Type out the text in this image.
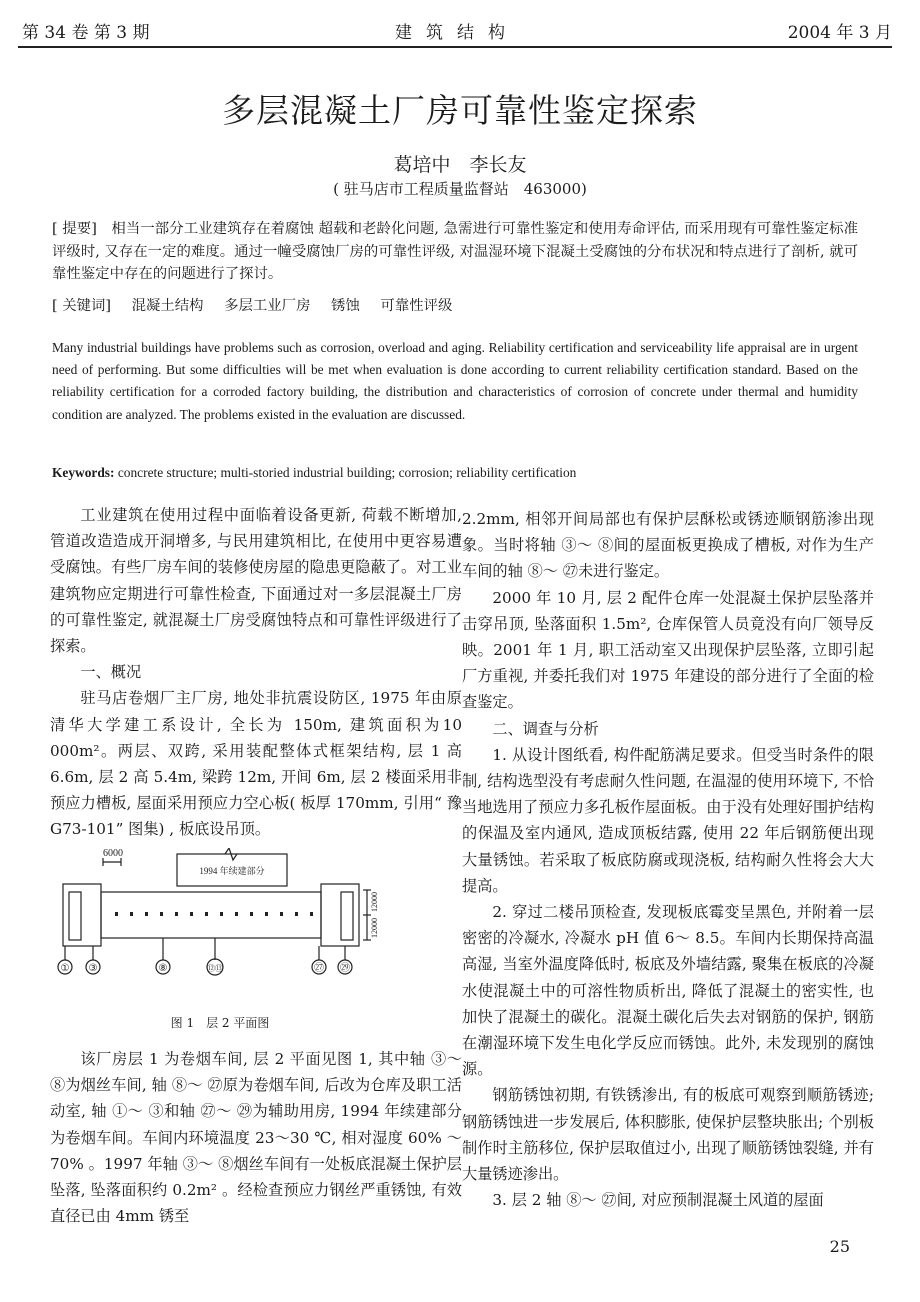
第 34 卷 第 3 期	建筑结构	2004 年 3 月
多层混凝土厂房可靠性鉴定探索
葛培中　李长友
( 驻马店市工程质量监督站　463000)
[ 提要]　相当一部分工业建筑存在着腐蚀 超载和老龄化问题, 急需进行可靠性鉴定和使用寿命评估, 而采用现有可靠性鉴定标准评级时, 又存在一定的难度。通过一幢受腐蚀厂房的可靠性评级, 对温湿环境下混凝土受腐蚀的分布状况和特点进行了剖析, 就可靠性鉴定中存在的问题进行了探讨。
[ 关键词] 混凝土结构 多层工业厂房 锈蚀 可靠性评级
Many industrial buildings have problems such as corrosion, overload and aging. Reliability certification and serviceability life appraisal are in urgent need of performing. But some difficulties will be met when evaluation is done according to current reliability certification standard. Based on the reliability certification for a corroded factory building, the distribution and characteristics of corrosion of concrete under thermal and humidity condition are analyzed. The problems existed in the evaluation are discussed.
Keywords: concrete structure; multi-storied industrial building; corrosion; reliability certification

工业建筑在使用过程中面临着设备更新, 荷载不断增加, 管道改造造成开洞增多, 与民用建筑相比, 在使用中更容易遭受腐蚀。有些厂房车间的装修使房屋的隐患更隐蔽了。对工业建筑物应定期进行可靠性检查, 下面通过对一多层混凝土厂房的可靠性鉴定, 就混凝土厂房受腐蚀特点和可靠性评级进行了探索。

一、概况

驻马店卷烟厂主厂房, 地处非抗震设防区, 1975 年由原清华大学建工系设计, 全长为 150m, 建筑面积为10 000m²。两层、双跨, 采用装配整体式框架结构, 层 1 高 6.6m, 层 2 高 5.4m, 梁跨 12m, 开间 6m, 层 2 楼面采用非预应力槽板, 屋面采用预应力空心板( 板厚 170mm, 引用“ 豫 G73-101” 图集) , 板底设吊顶。

6000
1994 年续建部分
12000
12000
① ③	⑧	⑫⑬	㉗ ㉙
图 1　层 2 平面图

该厂房层 1 为卷烟车间, 层 2 平面见图 1, 其中轴 ③～ ⑧为烟丝车间, 轴 ⑧～ ㉗原为卷烟车间, 后改为仓库及职工活动室, 轴 ①～ ③和轴 ㉗～ ㉙为辅助用房, 1994 年续建部分为卷烟车间。车间内环境温度 23～30 ℃, 相对湿度 60% ～ 70% 。1997 年轴 ③～ ⑧烟丝车间有一处板底混凝土保护层坠落, 坠落面积约 0.2m² 。经检查预应力钢丝严重锈蚀, 有效直径已由 4mm 锈至

2.2mm, 相邻开间局部也有保护层酥松或锈迹顺钢筋渗出现象。当时将轴 ③～ ⑧间的屋面板更换成了槽板, 对作为生产车间的轴 ⑧～ ㉗未进行鉴定。

2000 年 10 月, 层 2 配件仓库一处混凝土保护层坠落并击穿吊顶, 坠落面积 1.5m², 仓库保管人员竟没有向厂领导反映。2001 年 1 月, 职工活动室又出现保护层坠落, 立即引起厂方重视, 并委托我们对 1975 年建设的部分进行了全面的检查鉴定。

二、调查与分析

1. 从设计图纸看, 构件配筋满足要求。但受当时条件的限制, 结构选型没有考虑耐久性问题, 在温湿的使用环境下, 不恰当地选用了预应力多孔板作屋面板。由于没有处理好围护结构的保温及室内通风, 造成顶板结露, 使用 22 年后钢筋便出现大量锈蚀。若采取了板底防腐或现浇板, 结构耐久性将会大大提高。

2. 穿过二楼吊顶检查, 发现板底霉变呈黑色, 并附着一层密密的冷凝水, 冷凝水 pH 值 6～ 8.5。车间内长期保持高温高湿, 当室外温度降低时, 板底及外墙结露, 聚集在板底的冷凝水使混凝土中的可溶性物质析出, 降低了混凝土的密实性, 也加快了混凝土的碳化。混凝土碳化后失去对钢筋的保护, 钢筋在潮湿环境下发生电化学反应而锈蚀。此外, 未发现别的腐蚀源。

钢筋锈蚀初期, 有铁锈渗出, 有的板底可观察到顺筋锈迹; 钢筋锈蚀进一步发展后, 体积膨胀, 使保护层整块胀出; 个别板制作时主筋移位, 保护层取值过小, 出现了顺筋锈蚀裂缝, 并有大量锈迹渗出。

3. 层 2 轴 ⑧～ ㉗间, 对应预制混凝土风道的屋面

25
